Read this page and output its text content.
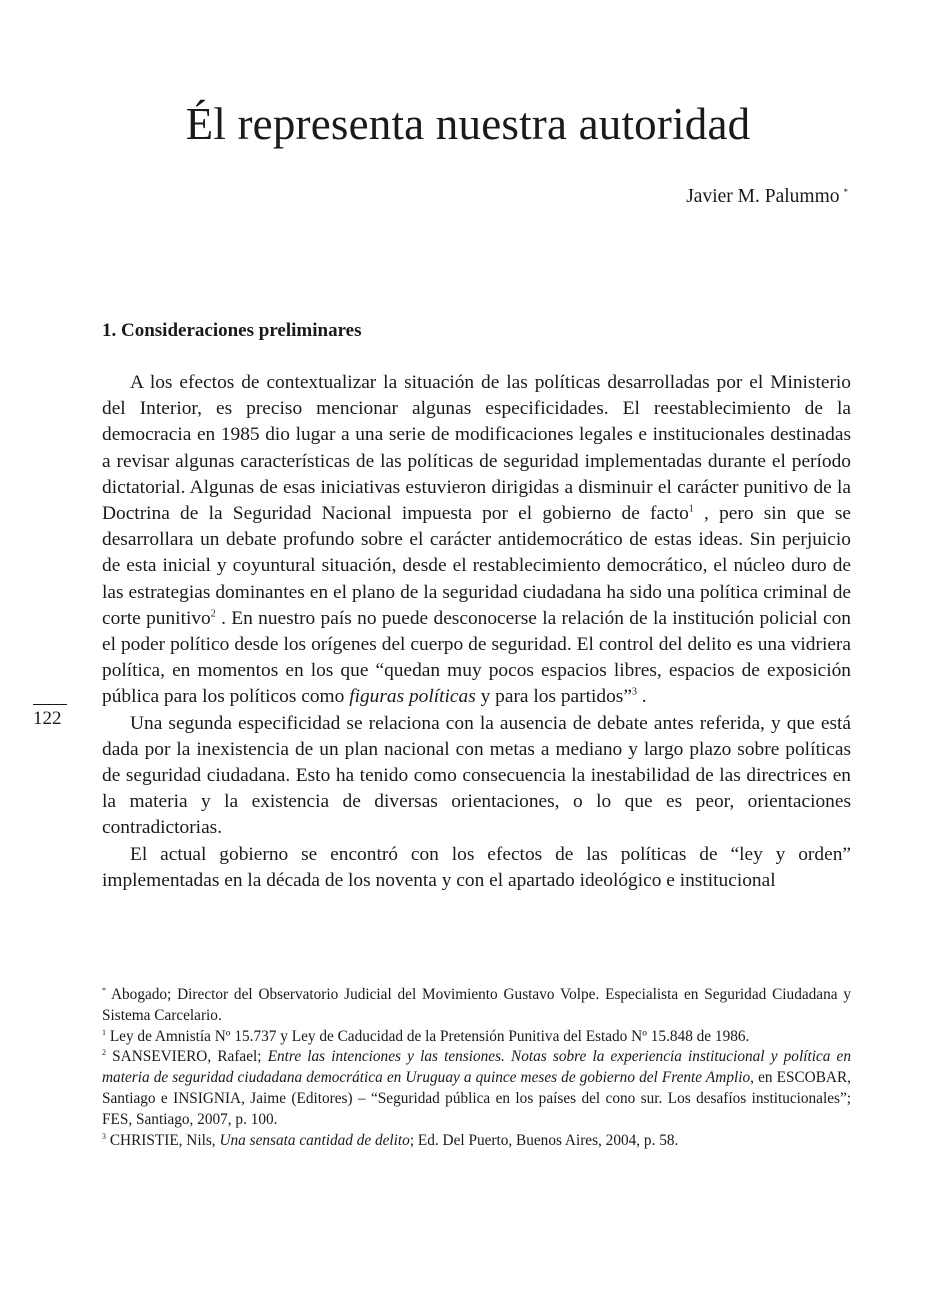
Él representa nuestra autoridad
Javier M. Palummo *
1. Consideraciones preliminares

A los efectos de contextualizar la situación de las políticas desarrolladas por el Ministerio del Interior, es preciso mencionar algunas especificidades. El reestablecimiento de la democracia en 1985 dio lugar a una serie de modificaciones legales e institucionales destinadas a revisar algunas características de las políticas de seguridad implementadas durante el período dictatorial. Algunas de esas iniciativas estuvieron dirigidas a disminuir el carácter punitivo de la Doctrina de la Seguridad Nacional impuesta por el gobierno de facto$^1$ , pero sin que se desarrollara un debate profundo sobre el carácter antidemocrático de estas ideas. Sin perjuicio de esta inicial y coyuntural situación, desde el restablecimiento democrático, el núcleo duro de las estrategias dominantes en el plano de la seguridad ciudadana ha sido una política criminal de corte punitivo$^2$ . En nuestro país no puede desconocerse la relación de la institución policial con el poder político desde los orígenes del cuerpo de seguridad. El control del delito es una vidriera política, en momentos en los que “quedan muy pocos espacios libres, espacios de exposición pública para los políticos como figuras políticas y para los partidos”$^3$ .

Una segunda especificidad se relaciona con la ausencia de debate antes referida, y que está dada por la inexistencia de un plan nacional con metas a mediano y largo plazo sobre políticas de seguridad ciudadana. Esto ha tenido como consecuencia la inestabilidad de las directrices en la materia y la existencia de diversas orientaciones, o lo que es peor, orientaciones contradictorias.

El actual gobierno se encontró con los efectos de las políticas de “ley y orden” implementadas en la década de los noventa y con el apartado ideológico e institucional

122

* Abogado; Director del Observatorio Judicial del Movimiento Gustavo Volpe. Especialista en Seguridad Ciudadana y Sistema Carcelario.

$^1$ Ley de Amnistía Nº 15.737 y Ley de Caducidad de la Pretensión Punitiva del Estado Nº 15.848 de 1986.

$^2$ SANSEVIERO, Rafael; Entre las intenciones y las tensiones. Notas sobre la experiencia institucional y política en materia de seguridad ciudadana democrática en Uruguay a quince meses de gobierno del Frente Amplio, en ESCOBAR, Santiago e INSIGNIA, Jaime (Editores) – “Seguridad pública en los países del cono sur. Los desafíos institucionales”; FES, Santiago, 2007, p. 100.

$^3$ CHRISTIE, Nils, Una sensata cantidad de delito; Ed. Del Puerto, Buenos Aires, 2004, p. 58.
